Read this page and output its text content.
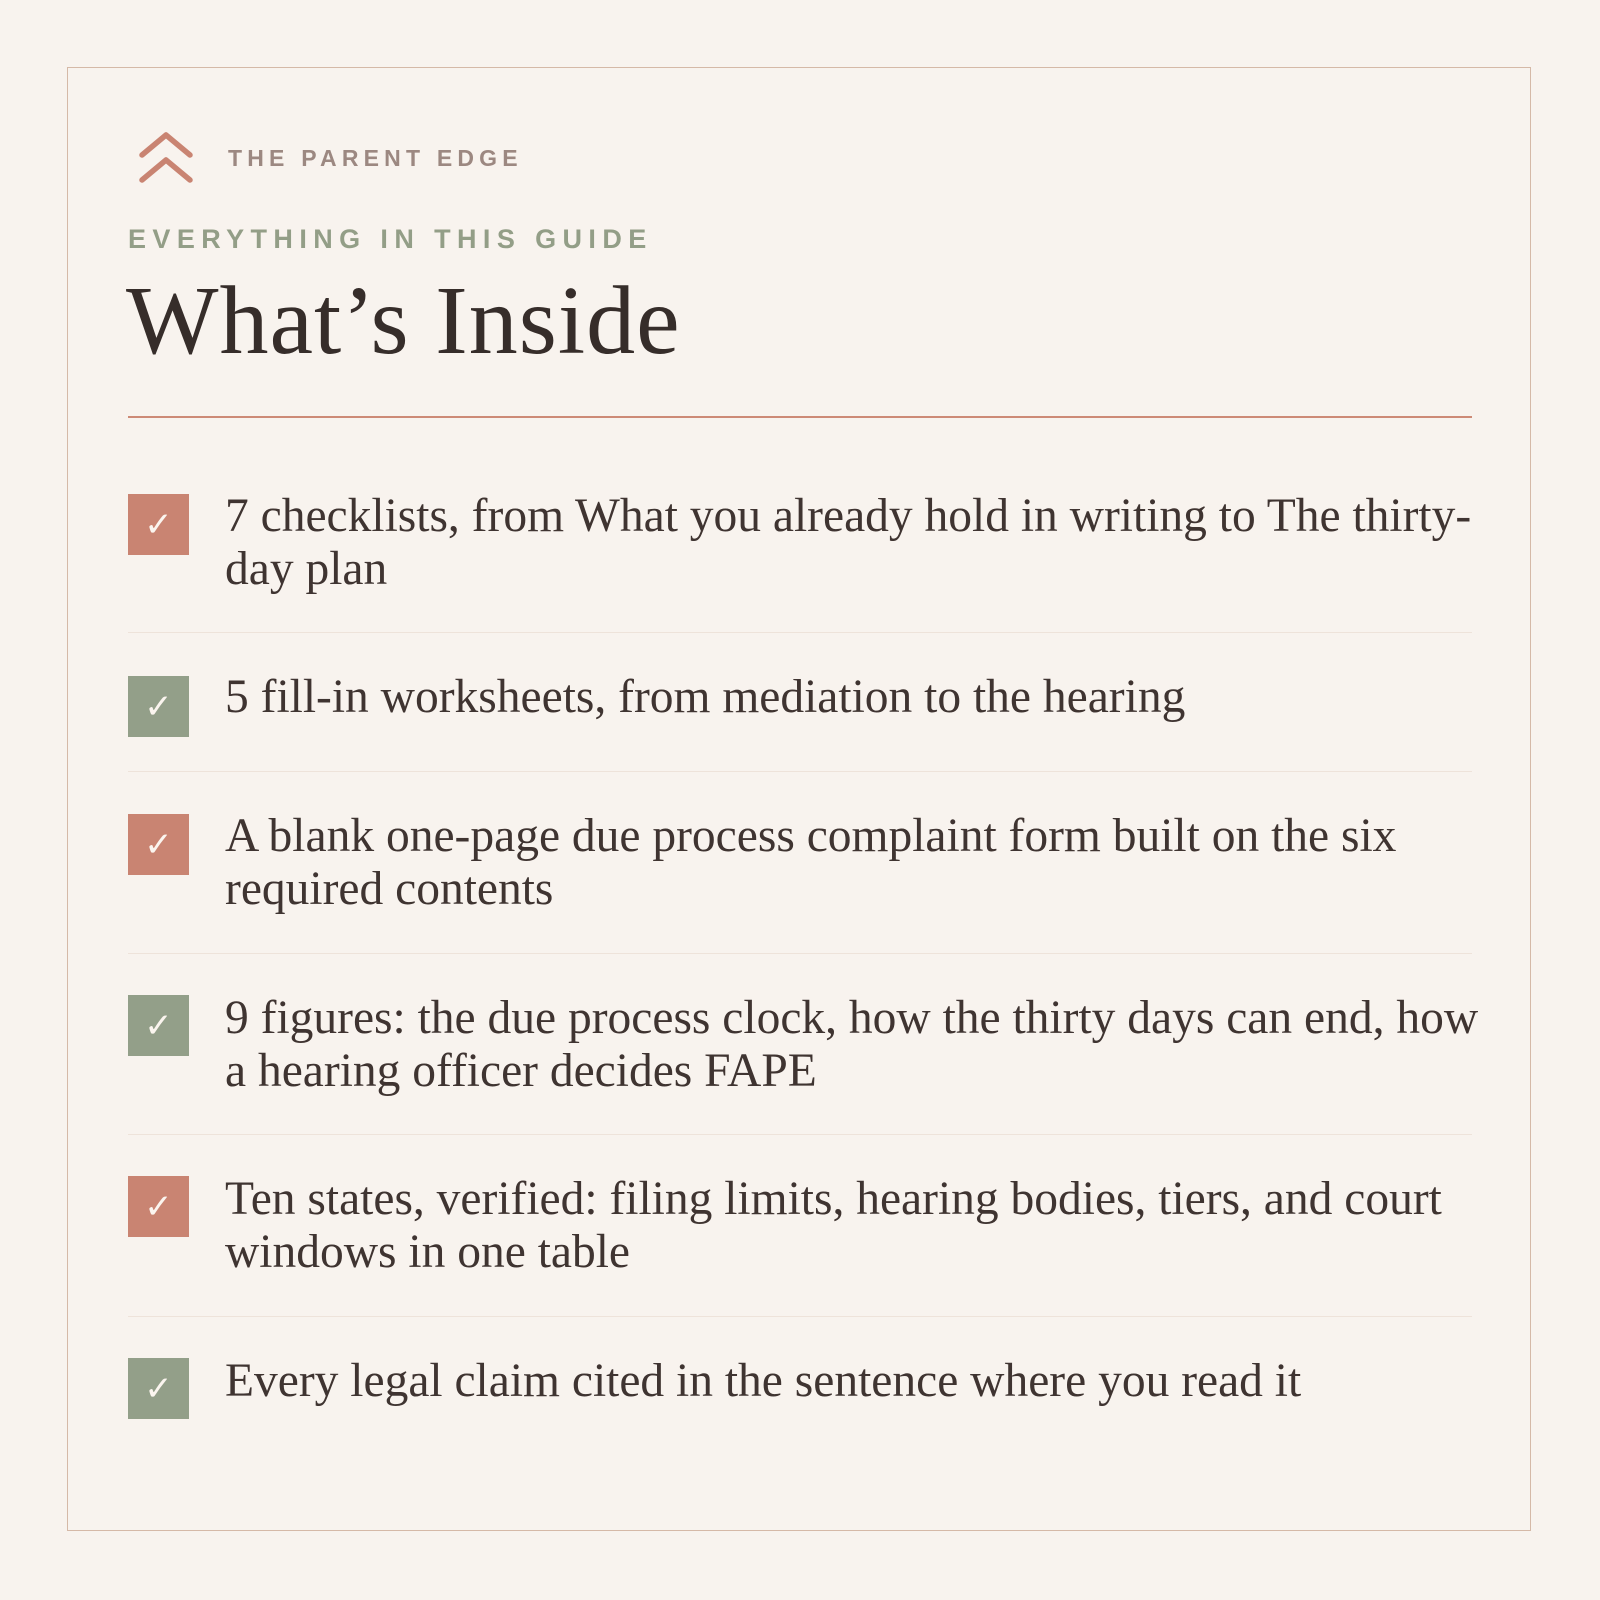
THE PARENT EDGE
EVERYTHING IN THIS GUIDE
What’s Inside
✓ 7 checklists, from What you already hold in writing to The thirty-day plan
✓ 5 fill-in worksheets, from mediation to the hearing
✓ A blank one-page due process complaint form built on the six required contents
✓ 9 figures: the due process clock, how the thirty days can end, how a hearing officer decides FAPE
✓ Ten states, verified: filing limits, hearing bodies, tiers, and court windows in one table
✓ Every legal claim cited in the sentence where you read it
